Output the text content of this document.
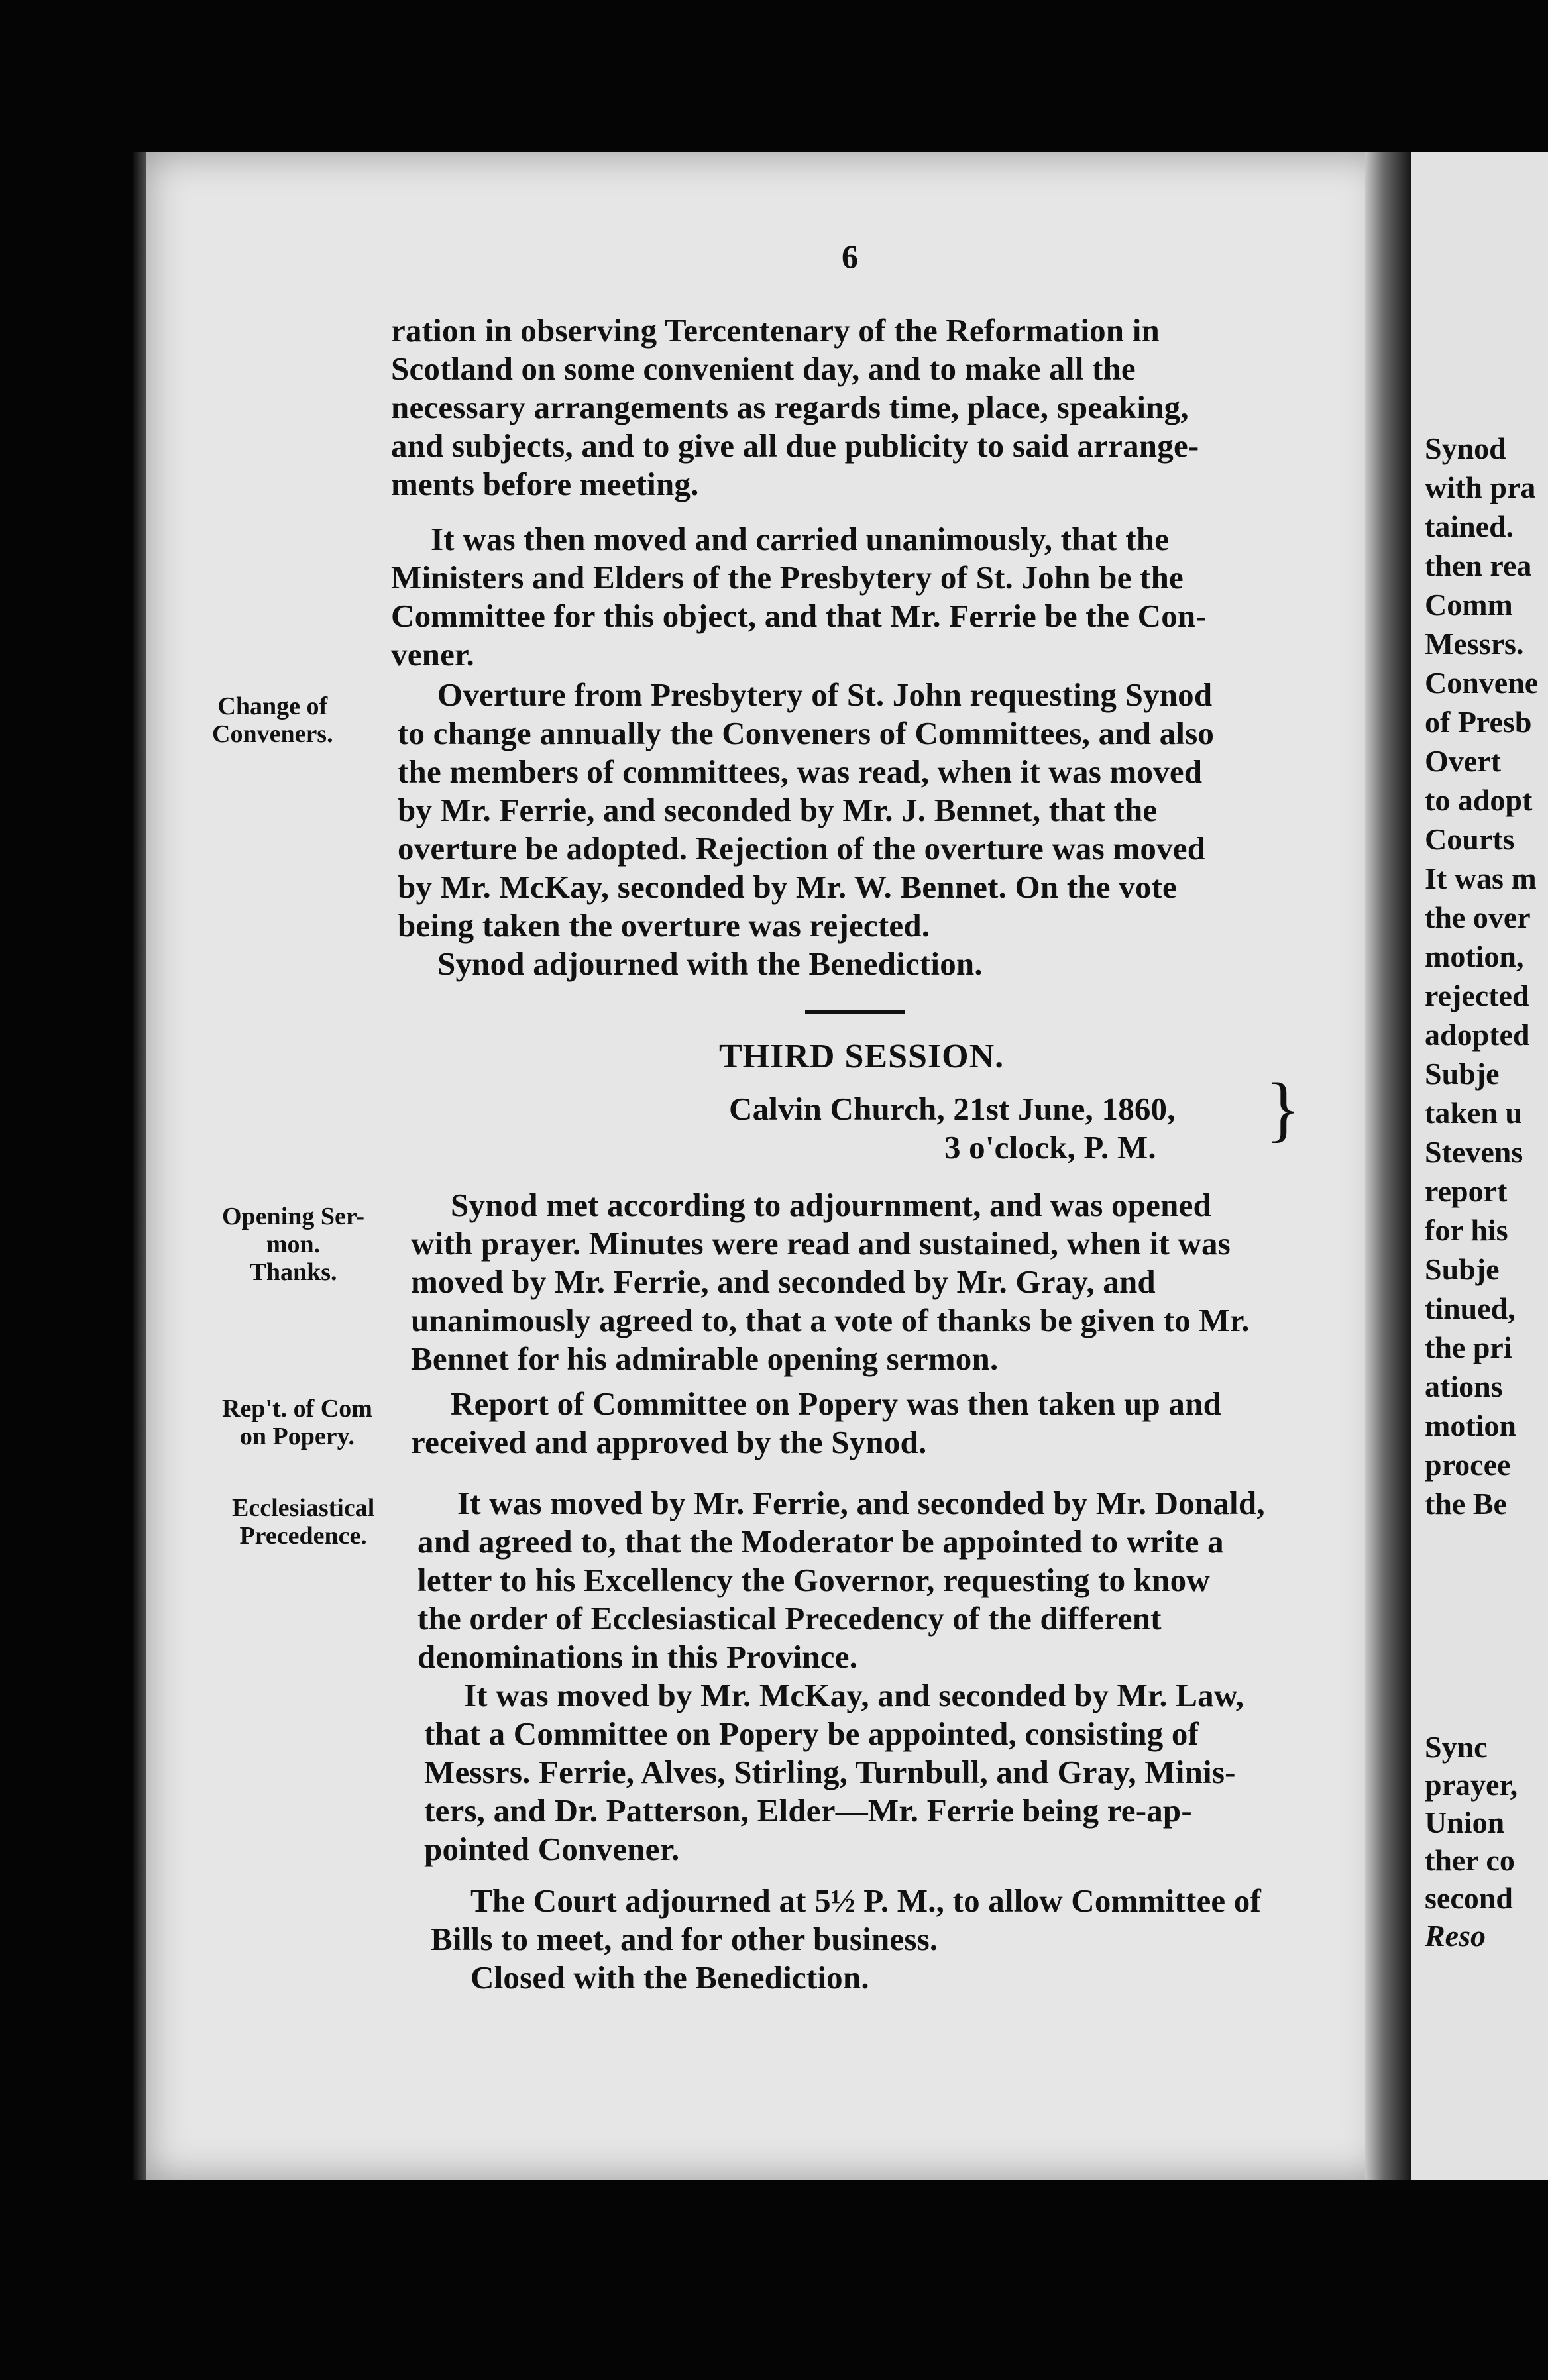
Synod
with pra
tained.
then rea
Comm
Messrs.
Convene
of Presb
Overt
to adopt
Courts
It was m
the over
motion,
rejected
adopted
Subje
taken u
Stevens
report
for his
Subje
tinued,
the pri
ations
motion
procee
the Be
Sync
prayer,
Union
ther co
second
Reso
6
ration in observing Tercentenary of the Reformation in
Scotland on some convenient day, and to make all the
necessary arrangements as regards time, place, speaking,
and subjects, and to give all due publicity to said arrange-
ments before meeting.
It was then moved and carried unanimously, that the
Ministers and Elders of the Presbytery of St. John be the
Committee for this object, and that Mr. Ferrie be the Con-
vener.
Change of
Conveners.
Overture from Presbytery of St. John requesting Synod
to change annually the Conveners of Committees, and also
the members of committees, was read, when it was moved
by Mr. Ferrie, and seconded by Mr. J. Bennet, that the
overture be adopted. Rejection of the overture was moved
by Mr. McKay, seconded by Mr. W. Bennet. On the vote
being taken the overture was rejected.
Synod adjourned with the Benediction.
THIRD SESSION.
Calvin Church, 21st June, 1860,
3 o'clock, P. M. }
Opening Ser-
mon.
Thanks.
Synod met according to adjournment, and was opened
with prayer. Minutes were read and sustained, when it was
moved by Mr. Ferrie, and seconded by Mr. Gray, and
unanimously agreed to, that a vote of thanks be given to Mr.
Bennet for his admirable opening sermon.
Rep't. of Com
on Popery.
Report of Committee on Popery was then taken up and
received and approved by the Synod.
Ecclesiastical
Precedence.
It was moved by Mr. Ferrie, and seconded by Mr. Donald,
and agreed to, that the Moderator be appointed to write a
letter to his Excellency the Governor, requesting to know
the order of Ecclesiastical Precedency of the different
denominations in this Province.
It was moved by Mr. McKay, and seconded by Mr. Law,
that a Committee on Popery be appointed, consisting of
Messrs. Ferrie, Alves, Stirling, Turnbull, and Gray, Minis-
ters, and Dr. Patterson, Elder—Mr. Ferrie being re-ap-
pointed Convener.
The Court adjourned at 5½ P. M., to allow Committee of
Bills to meet, and for other business.
Closed with the Benediction.
